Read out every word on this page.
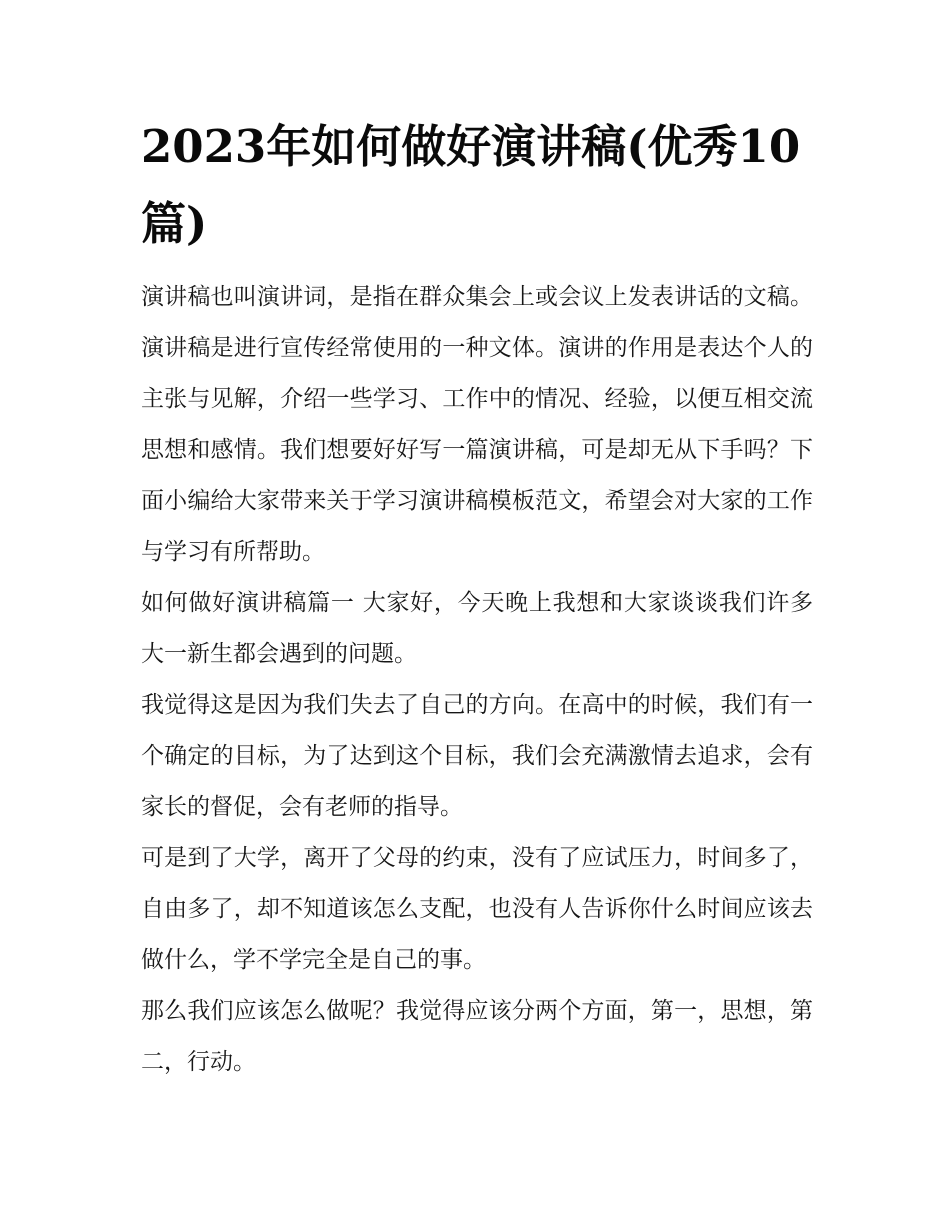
2023年如何做好演讲稿(优秀10篇)

演讲稿也叫演讲词，是指在群众集会上或会议上发表讲话的文稿。演讲稿是进行宣传经常使用的一种文体。演讲的作用是表达个人的主张与见解，介绍一些学习、工作中的情况、经验，以便互相交流思想和感情。我们想要好好写一篇演讲稿，可是却无从下手吗？下面小编给大家带来关于学习演讲稿模板范文，希望会对大家的工作与学习有所帮助。

如何做好演讲稿篇一 大家好，今天晚上我想和大家谈谈我们许多大一新生都会遇到的问题。

我觉得这是因为我们失去了自己的方向。在高中的时候，我们有一个确定的目标，为了达到这个目标，我们会充满激情去追求，会有家长的督促，会有老师的指导。

可是到了大学，离开了父母的约束，没有了应试压力，时间多了，自由多了，却不知道该怎么支配，也没有人告诉你什么时间应该去做什么，学不学完全是自己的事。

那么我们应该怎么做呢？我觉得应该分两个方面，第一，思想，第二，行动。
